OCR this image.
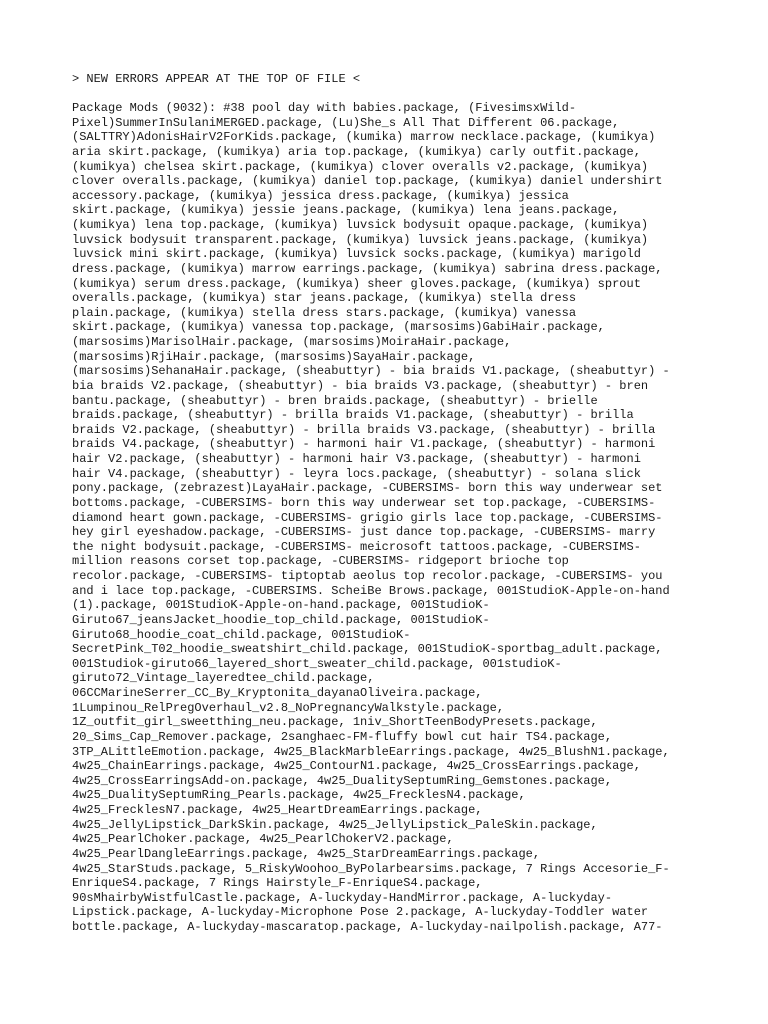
> NEW ERRORS APPEAR AT THE TOP OF FILE <

Package Mods (9032): #38 pool day with babies.package, (FivesimsxWild-
Pixel)SummerInSulaniMERGED.package, (Lu)She_s All That Different 06.package,
(SALTTRY)AdonisHairV2ForKids.package, (kumika) marrow necklace.package, (kumikya)
aria skirt.package, (kumikya) aria top.package, (kumikya) carly outfit.package,
(kumikya) chelsea skirt.package, (kumikya) clover overalls v2.package, (kumikya)
clover overalls.package, (kumikya) daniel top.package, (kumikya) daniel undershirt
accessory.package, (kumikya) jessica dress.package, (kumikya) jessica
skirt.package, (kumikya) jessie jeans.package, (kumikya) lena jeans.package,
(kumikya) lena top.package, (kumikya) luvsick bodysuit opaque.package, (kumikya)
luvsick bodysuit transparent.package, (kumikya) luvsick jeans.package, (kumikya)
luvsick mini skirt.package, (kumikya) luvsick socks.package, (kumikya) marigold
dress.package, (kumikya) marrow earrings.package, (kumikya) sabrina dress.package,
(kumikya) serum dress.package, (kumikya) sheer gloves.package, (kumikya) sprout
overalls.package, (kumikya) star jeans.package, (kumikya) stella dress
plain.package, (kumikya) stella dress stars.package, (kumikya) vanessa
skirt.package, (kumikya) vanessa top.package, (marsosims)GabiHair.package,
(marsosims)MarisolHair.package, (marsosims)MoiraHair.package,
(marsosims)RjiHair.package, (marsosims)SayaHair.package,
(marsosims)SehanaHair.package, (sheabuttyr) - bia braids V1.package, (sheabuttyr) -
bia braids V2.package, (sheabuttyr) - bia braids V3.package, (sheabuttyr) - bren
bantu.package, (sheabuttyr) - bren braids.package, (sheabuttyr) - brielle
braids.package, (sheabuttyr) - brilla braids V1.package, (sheabuttyr) - brilla
braids V2.package, (sheabuttyr) - brilla braids V3.package, (sheabuttyr) - brilla
braids V4.package, (sheabuttyr) - harmoni hair V1.package, (sheabuttyr) - harmoni
hair V2.package, (sheabuttyr) - harmoni hair V3.package, (sheabuttyr) - harmoni
hair V4.package, (sheabuttyr) - leyra locs.package, (sheabuttyr) - solana slick
pony.package, (zebrazest)LayaHair.package, -CUBERSIMS- born this way underwear set
bottoms.package, -CUBERSIMS- born this way underwear set top.package, -CUBERSIMS-
diamond heart gown.package, -CUBERSIMS- grigio girls lace top.package, -CUBERSIMS-
hey girl eyeshadow.package, -CUBERSIMS- just dance top.package, -CUBERSIMS- marry
the night bodysuit.package, -CUBERSIMS- meicrosoft tattoos.package, -CUBERSIMS-
million reasons corset top.package, -CUBERSIMS- ridgeport brioche top
recolor.package, -CUBERSIMS- tiptoptab aeolus top recolor.package, -CUBERSIMS- you
and i lace top.package, -CUBERSIMS. ScheiBe Brows.package, 001StudioK-Apple-on-hand
(1).package, 001StudioK-Apple-on-hand.package, 001StudioK-
Giruto67_jeansJacket_hoodie_top_child.package, 001StudioK-
Giruto68_hoodie_coat_child.package, 001StudioK-
SecretPink_T02_hoodie_sweatshirt_child.package, 001StudioK-sportbag_adult.package,
001Studiok-giruto66_layered_short_sweater_child.package, 001studioK-
giruto72_Vintage_layeredtee_child.package,
06CCMarineSerrer_CC_By_Kryptonita_dayanaOliveira.package,
1Lumpinou_RelPregOverhaul_v2.8_NoPregnancyWalkstyle.package,
1Z_outfit_girl_sweetthing_neu.package, 1niv_ShortTeenBodyPresets.package,
20_Sims_Cap_Remover.package, 2sanghaec-FM-fluffy bowl cut hair TS4.package,
3TP_ALittleEmotion.package, 4w25_BlackMarbleEarrings.package, 4w25_BlushN1.package,
4w25_ChainEarrings.package, 4w25_ContourN1.package, 4w25_CrossEarrings.package,
4w25_CrossEarringsAdd-on.package, 4w25_DualitySeptumRing_Gemstones.package,
4w25_DualitySeptumRing_Pearls.package, 4w25_FrecklesN4.package,
4w25_FrecklesN7.package, 4w25_HeartDreamEarrings.package,
4w25_JellyLipstick_DarkSkin.package, 4w25_JellyLipstick_PaleSkin.package,
4w25_PearlChoker.package, 4w25_PearlChokerV2.package,
4w25_PearlDangleEarrings.package, 4w25_StarDreamEarrings.package,
4w25_StarStuds.package, 5_RiskyWoohoo_ByPolarbearsims.package, 7 Rings Accesorie_F-
EnriqueS4.package, 7 Rings Hairstyle_F-EnriqueS4.package,
90sMhairbyWistfulCastle.package, A-luckyday-HandMirror.package, A-luckyday-
Lipstick.package, A-luckyday-Microphone Pose 2.package, A-luckyday-Toddler water
bottle.package, A-luckyday-mascaratop.package, A-luckyday-nailpolish.package, A77-
